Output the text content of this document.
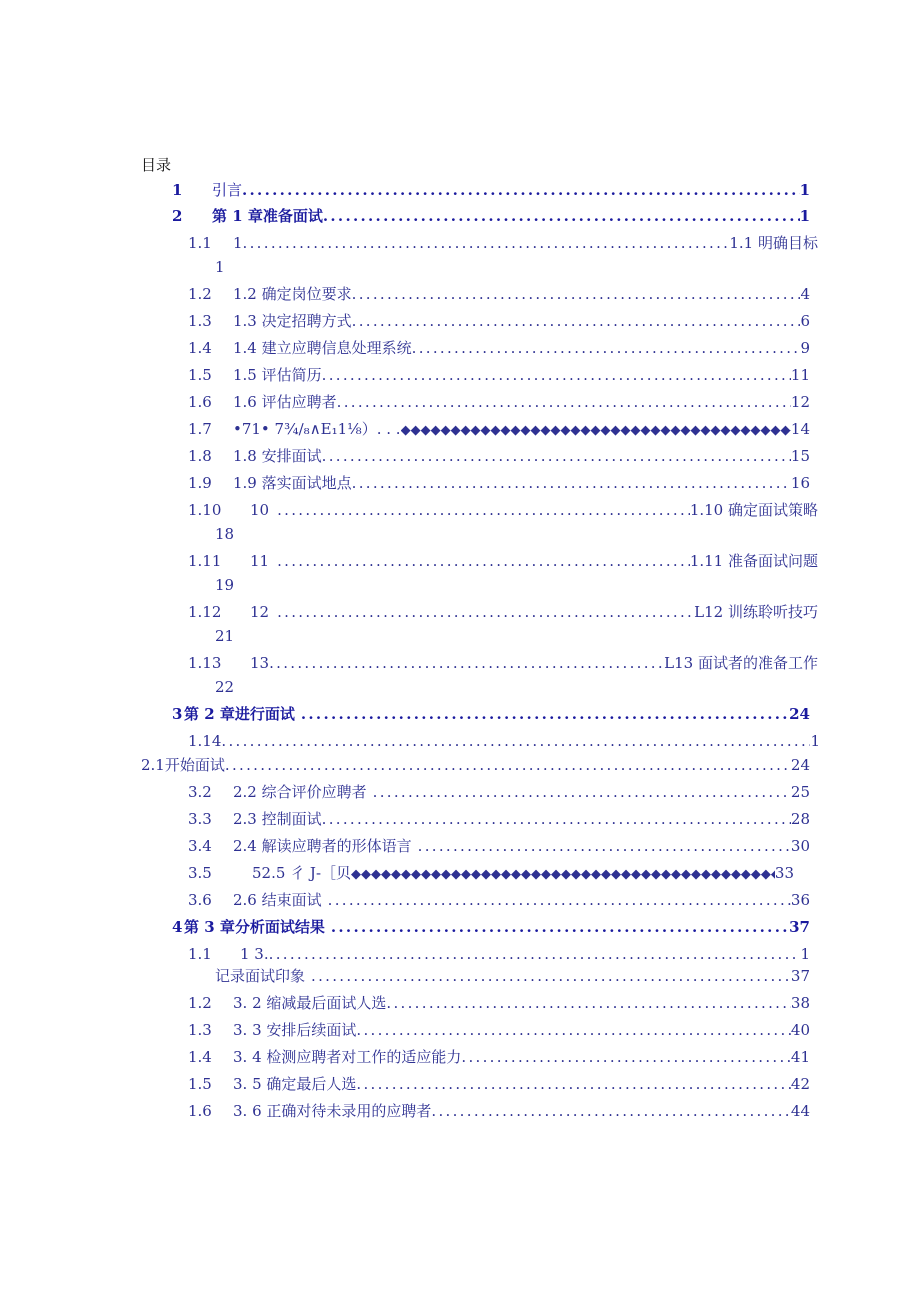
目录
1	引言 .....	1
2	第 1 章准备面试 .....	1
1.1	1 .....	1.1 明确目标
1
1.2	1.2 确定岗位要求 .....	4
1.3	1.3 决定招聘方式 .....	6
1.4	1.4 建立应聘信息处理系统 .....	9
1.5	1.5 评估简历 .....	11
1.6	1.6 评估应聘者 .....	12
1.7	•71• 7¾∕₈∧E₁1⅛）. . . ◆◆◆◆◆◆◆◆◆◆◆◆◆◆◆◆◆◆◆◆◆◆◆◆◆◆◆◆◆◆◆◆◆◆◆◆◆◆◆◆◆◆◆◆◆◆◆◆◆◆◆◆◆◆◆◆◆◆◆◆◆◆◆◆◆◆◆◆◆◆◆◆◆◆◆◆◆◆◆◆◆◆	14
1.8	1.8 安排面试 .....	15
1.9	1.9 落实面试地点 .....	16
1.10	10 .....	1.10 确定面试策略
18
1.11	11 .....	1.11 准备面试问题
19
1.12	12 .....	L12 训练聆听技巧
21
1.13	13 .....	L13 面试者的准备工作
22
3 第 2 章进行面试 .....	24
1.14 .....	1
2.1 开始面试 .....	24
3.2	2.2 综合评价应聘者 .....	25
3.3	2.3 控制面试 .....	28
3.4	2.4 解读应聘者的形体语言 .....	30
3.5	52.5 彳 J-［贝 ◆◆◆◆◆◆◆◆◆◆◆◆◆◆◆◆◆◆◆◆◆◆◆◆◆◆◆◆◆◆◆◆◆◆◆◆◆◆◆◆◆◆◆◆◆◆◆◆◆◆◆◆◆◆◆◆◆◆◆◆◆◆◆◆◆◆◆◆◆◆◆◆◆◆◆◆◆◆◆◆◆◆	33
3.6	2.6 结束面试 .....	36
4 第 3 章分析面试结果 .....	37
1.1	1 3. .....	1
记录面试印象 .....	37
1.2	3. 2 缩减最后面试人选 .....	38
1.3	3. 3 安排后续面试 .....	40
1.4	3. 4 检测应聘者对工作的适应能力 .....	41
1.5	3. 5 确定最后人选 .....	42
1.6	3. 6 正确对待未录用的应聘者 .....	44
